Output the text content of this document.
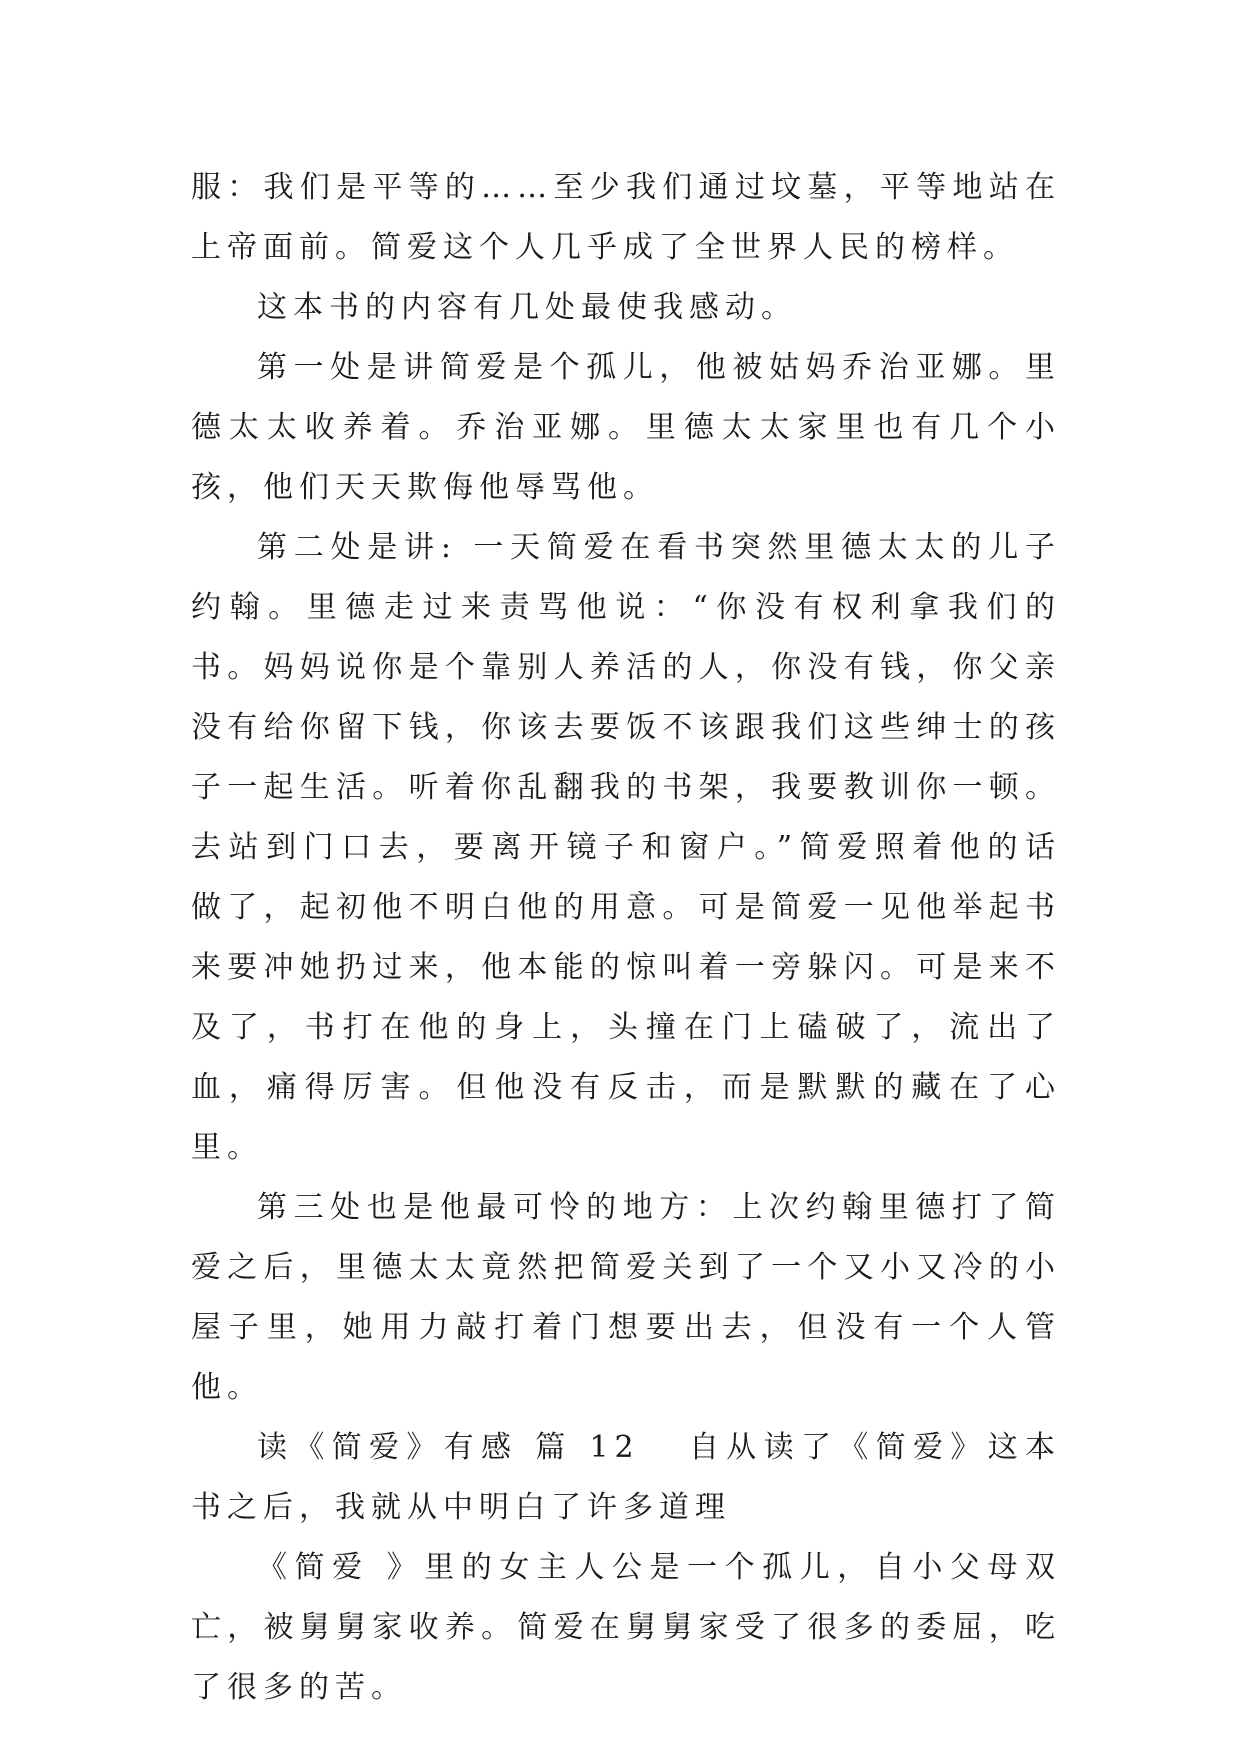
服：我们是平等的……至少我们通过坟墓，平等地站在上帝面前。简爱这个人几乎成了全世界人民的榜样。

这本书的内容有几处最使我感动。

第一处是讲简爱是个孤儿，他被姑妈乔治亚娜。里德太太收养着。乔治亚娜。里德太太家里也有几个小孩，他们天天欺侮他辱骂他。

第二处是讲: 一天简爱在看书突然里德太太的儿子约翰。里德走过来责骂他说：“你没有权利拿我们的书。妈妈说你是个靠别人养活的人，你没有钱，你父亲没有给你留下钱，你该去要饭不该跟我们这些绅士的孩子一起生活。听着你乱翻我的书架，我要教训你一顿。去站到门口去，要离开镜子和窗户。”简爱照着他的话做了，起初他不明白他的用意。可是简爱一见他举起书来要冲她扔过来，他本能的惊叫着一旁躲闪。可是来不及了，书打在他的身上，头撞在门上磕破了，流出了血，痛得厉害。但他没有反击，而是默默的藏在了心里。

第三处也是他最可怜的地方：上次约翰里德打了简爱之后，里德太太竟然把简爱关到了一个又小又冷的小屋子里，她用力敲打着门想要出去，但没有一个人管他。

读《简爱》有感 篇 12 自从读了《简爱》这本书之后，我就从中明白了许多道理

《简爱 》里的女主人公是一个孤儿，自小父母双亡，被舅舅家收养。简爱在舅舅家受了很多的委屈，吃了很多的苦。
